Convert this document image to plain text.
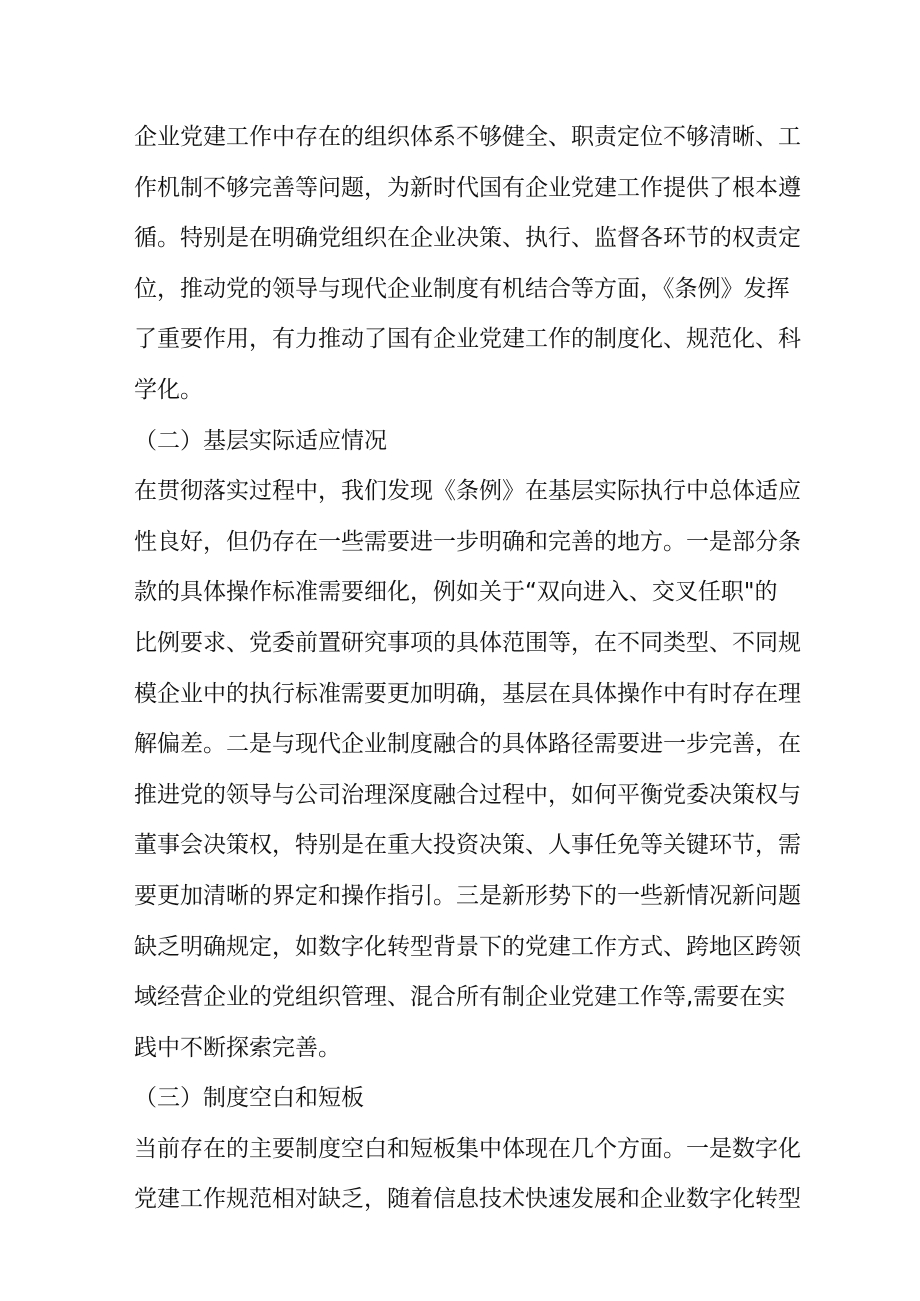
企业党建工作中存在的组织体系不够健全、职责定位不够清晰、工
作机制不够完善等问题，为新时代国有企业党建工作提供了根本遵
循。特别是在明确党组织在企业决策、执行、监督各环节的权责定
位，推动党的领导与现代企业制度有机结合等方面，《条例》发挥
了重要作用，有力推动了国有企业党建工作的制度化、规范化、科
学化。
（二）基层实际适应情况
在贯彻落实过程中，我们发现《条例》在基层实际执行中总体适应
性良好，但仍存在一些需要进一步明确和完善的地方。一是部分条
款的具体操作标准需要细化，例如关于“双向进入、交叉任职"的
比例要求、党委前置研究事项的具体范围等，在不同类型、不同规
模企业中的执行标准需要更加明确，基层在具体操作中有时存在理
解偏差。二是与现代企业制度融合的具体路径需要进一步完善，在
推进党的领导与公司治理深度融合过程中，如何平衡党委决策权与
董事会决策权，特别是在重大投资决策、人事任免等关键环节，需
要更加清晰的界定和操作指引。三是新形势下的一些新情况新问题
缺乏明确规定，如数字化转型背景下的党建工作方式、跨地区跨领
域经营企业的党组织管理、混合所有制企业党建工作等,需要在实
践中不断探索完善。
（三）制度空白和短板
当前存在的主要制度空白和短板集中体现在几个方面。一是数字化
党建工作规范相对缺乏，随着信息技术快速发展和企业数字化转型
